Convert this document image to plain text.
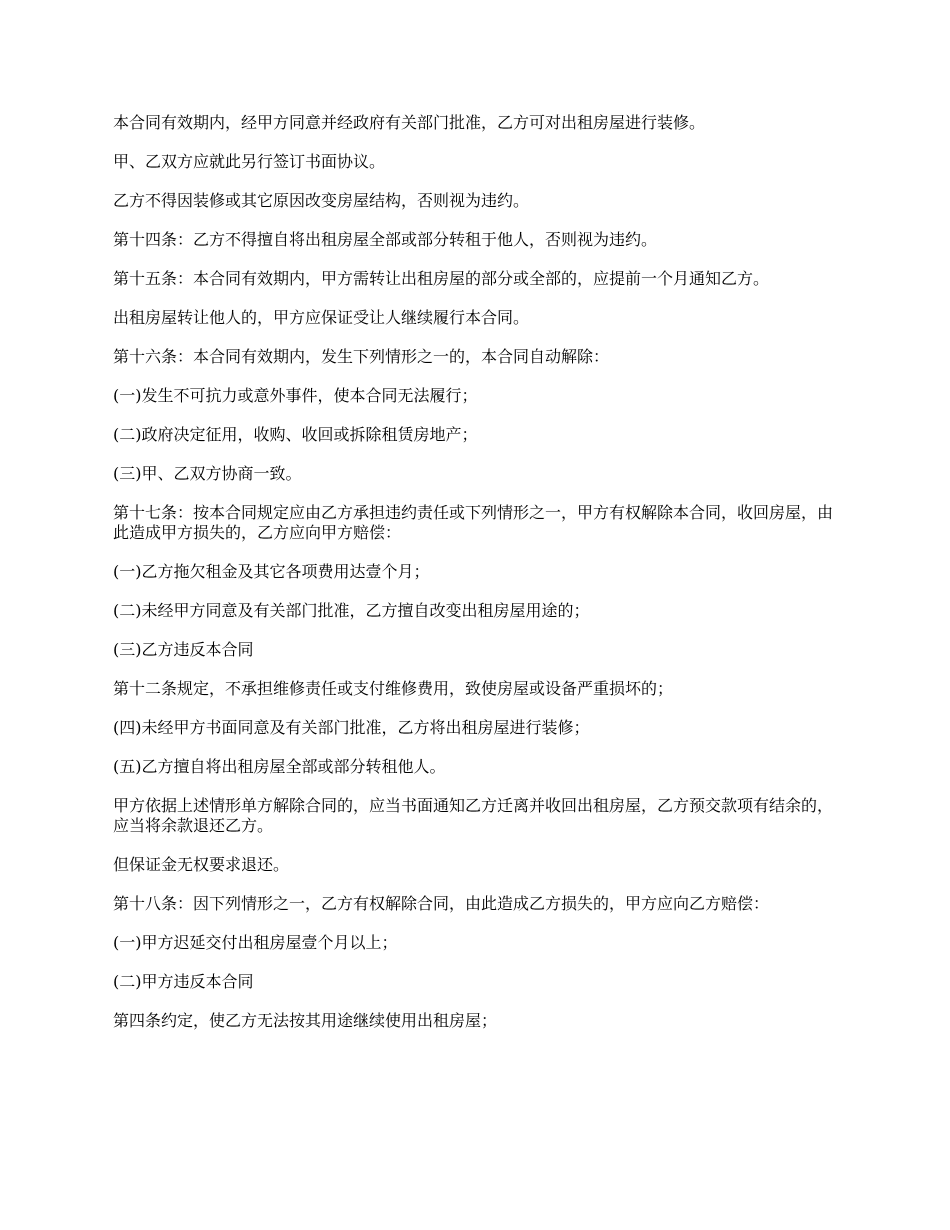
本合同有效期内，经甲方同意并经政府有关部门批准，乙方可对出租房屋进行装修。

甲、乙双方应就此另行签订书面协议。

乙方不得因装修或其它原因改变房屋结构，否则视为违约。

第十四条：乙方不得擅自将出租房屋全部或部分转租于他人，否则视为违约。

第十五条：本合同有效期内，甲方需转让出租房屋的部分或全部的，应提前一个月通知乙方。

出租房屋转让他人的，甲方应保证受让人继续履行本合同。

第十六条：本合同有效期内，发生下列情形之一的，本合同自动解除：

(一)发生不可抗力或意外事件，使本合同无法履行；

(二)政府决定征用，收购、收回或拆除租赁房地产；

(三)甲、乙双方协商一致。

第十七条：按本合同规定应由乙方承担违约责任或下列情形之一，甲方有权解除本合同，收回房屋，由此造成甲方损失的，乙方应向甲方赔偿：

(一)乙方拖欠租金及其它各项费用达壹个月；

(二)未经甲方同意及有关部门批准，乙方擅自改变出租房屋用途的；

(三)乙方违反本合同

第十二条规定，不承担维修责任或支付维修费用，致使房屋或设备严重损坏的；

(四)未经甲方书面同意及有关部门批准，乙方将出租房屋进行装修；

(五)乙方擅自将出租房屋全部或部分转租他人。

甲方依据上述情形单方解除合同的，应当书面通知乙方迁离并收回出租房屋，乙方预交款项有结余的，应当将余款退还乙方。

但保证金无权要求退还。

第十八条：因下列情形之一，乙方有权解除合同，由此造成乙方损失的，甲方应向乙方赔偿：

(一)甲方迟延交付出租房屋壹个月以上；

(二)甲方违反本合同

第四条约定，使乙方无法按其用途继续使用出租房屋；
